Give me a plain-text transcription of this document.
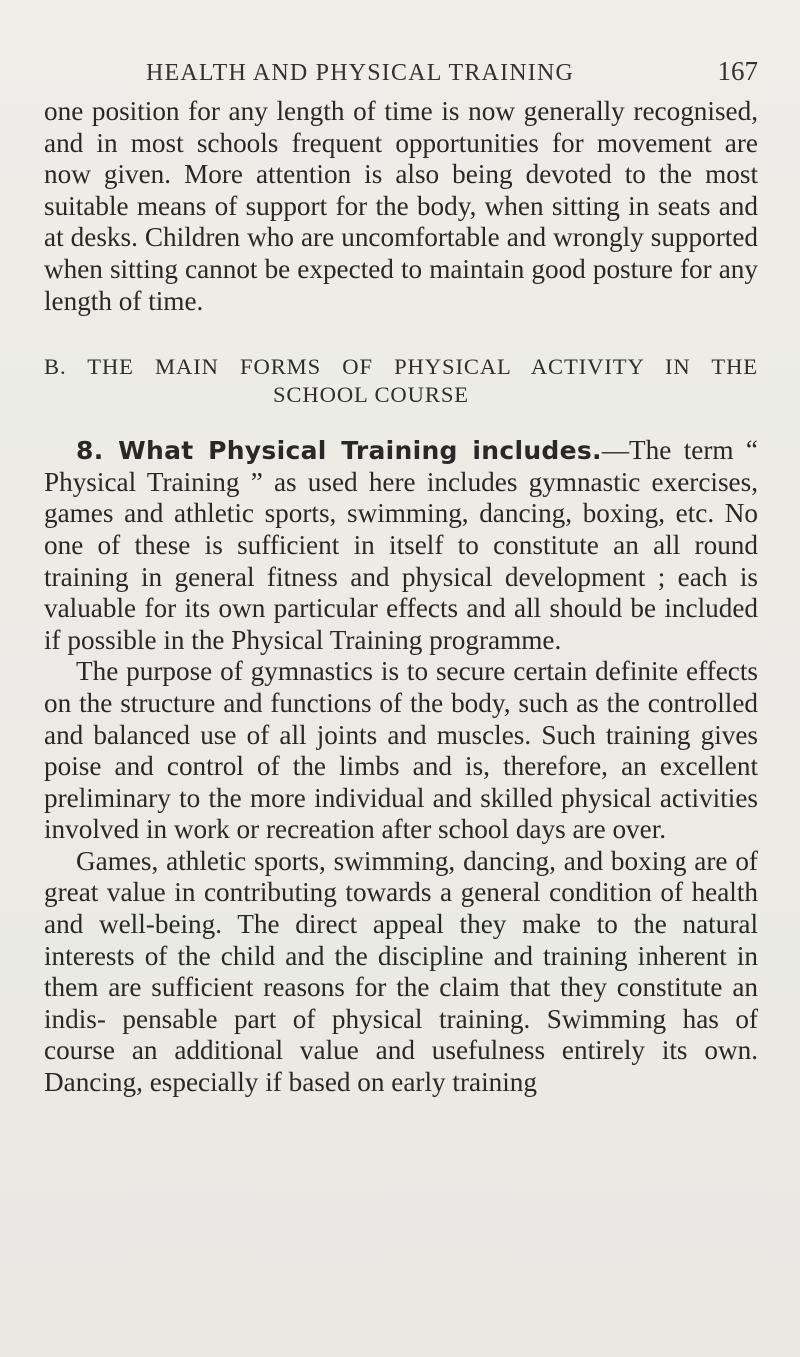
HEALTH AND PHYSICAL TRAINING	167

one position for any length of time is now generally recognised, and in most schools frequent opportunities for movement are now given. More attention is also being devoted to the most suitable means of support for the body, when sitting in seats and at desks. Children who are uncomfortable and wrongly supported when sitting cannot be expected to maintain good posture for any length of time.

B. THE MAIN FORMS OF PHYSICAL ACTIVITY IN THE
SCHOOL COURSE

8. What Physical Training includes.—The term “ Physical Training ” as used here includes gymnastic exercises, games and athletic sports, swimming, dancing, boxing, etc. No one of these is sufficient in itself to constitute an all round training in general fitness and physical development ; each is valuable for its own particular effects and all should be included if possible in the Physical Training programme.

The purpose of gymnastics is to secure certain definite effects on the structure and functions of the body, such as the controlled and balanced use of all joints and muscles. Such training gives poise and control of the limbs and is, therefore, an excellent preliminary to the more individual and skilled physical activities involved in work or recreation after school days are over.

Games, athletic sports, swimming, dancing, and boxing are of great value in contributing towards a general condition of health and well-being. The direct appeal they make to the natural interests of the child and the discipline and training inherent in them are sufficient reasons for the claim that they constitute an indis- pensable part of physical training. Swimming has of course an additional value and usefulness entirely its own. Dancing, especially if based on early training
